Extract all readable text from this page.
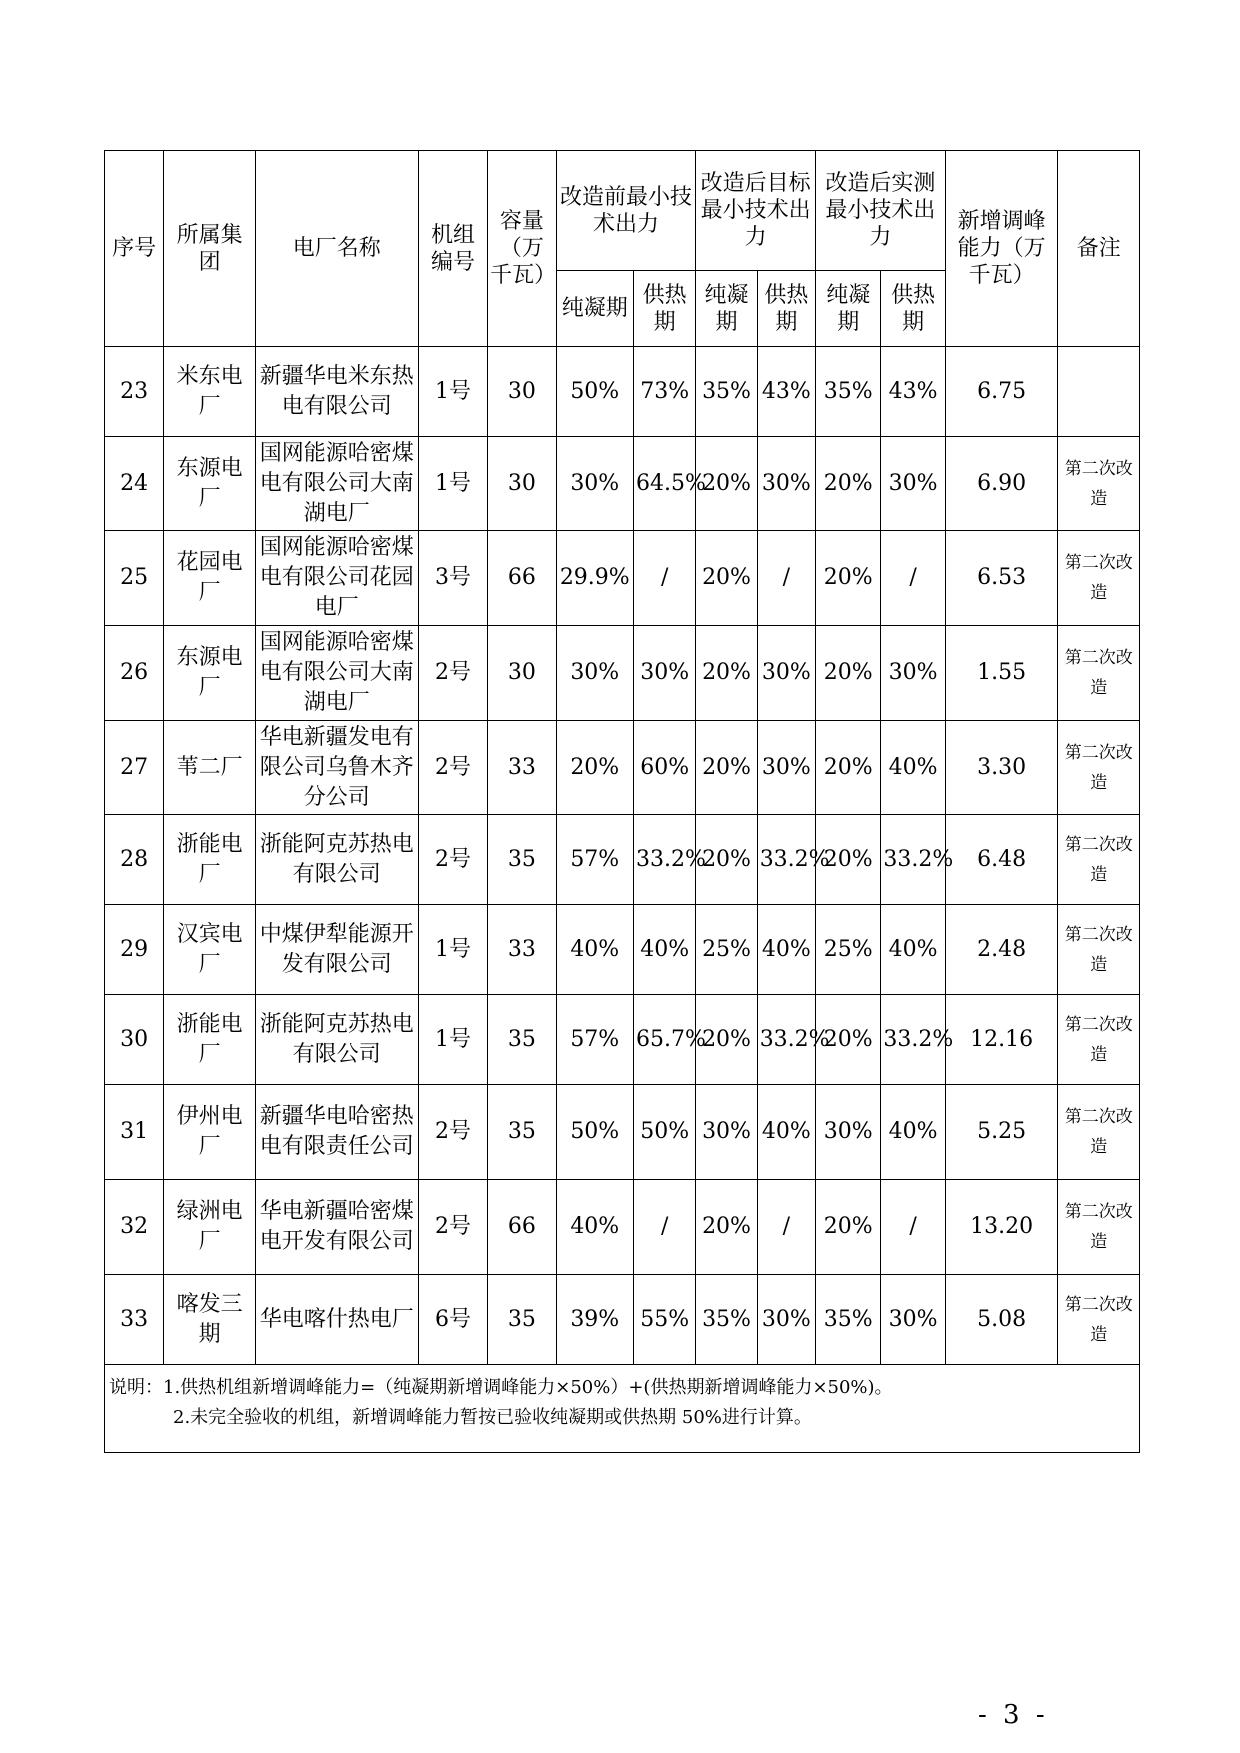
序号	所属集团	电厂名称	机组编号	容量（万千瓦）	改造前最小技术出力		改造后目标最小技术出力		改造后实测最小技术出力		新增调峰能力（万千瓦）	备注
					纯凝期	供热期	纯凝期	供热期	纯凝期	供热期		
23	米东电厂	新疆华电米东热电有限公司	1号	30	50%	73%	35%	43%	35%	43%	6.75	
24	东源电厂	国网能源哈密煤电有限公司大南湖电厂	1号	30	30%	64.5%	20%	30%	20%	30%	6.90	第二次改造
25	花园电厂	国网能源哈密煤电有限公司花园电厂	3号	66	29.9%	/	20%	/	20%	/	6.53	第二次改造
26	东源电厂	国网能源哈密煤电有限公司大南湖电厂	2号	30	30%	30%	20%	30%	20%	30%	1.55	第二次改造
27	苇二厂	华电新疆发电有限公司乌鲁木齐分公司	2号	33	20%	60%	20%	30%	20%	40%	3.30	第二次改造
28	浙能电厂	浙能阿克苏热电有限公司	2号	35	57%	33.2%	20%	33.2%	20%	33.2%	6.48	第二次改造
29	汉宾电厂	中煤伊犁能源开发有限公司	1号	33	40%	40%	25%	40%	25%	40%	2.48	第二次改造
30	浙能电厂	浙能阿克苏热电有限公司	1号	35	57%	65.7%	20%	33.2%	20%	33.2%	12.16	第二次改造
31	伊州电厂	新疆华电哈密热电有限责任公司	2号	35	50%	50%	30%	40%	30%	40%	5.25	第二次改造
32	绿洲电厂	华电新疆哈密煤电开发有限公司	2号	66	40%	/	20%	/	20%	/	13.20	第二次改造
33	喀发三期	华电喀什热电厂	6号	35	39%	55%	35%	30%	35%	30%	5.08	第二次改造

说明：1.供热机组新增调峰能力=（纯凝期新增调峰能力×50%）+(供热期新增调峰能力×50%)。
2.未完全验收的机组，新增调峰能力暂按已验收纯凝期或供热期 50%进行计算。												
- 3 -
